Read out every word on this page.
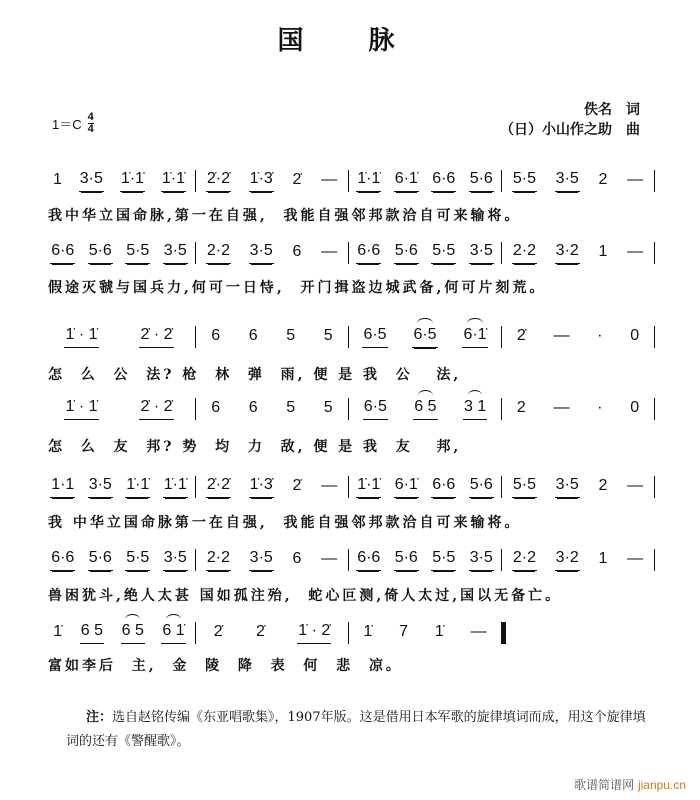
国 脉
$1=C \frac{4}{4}$
佚名　词
（日）小山作之助　曲
1 3·5 1̇·1̇ 1̇·1̇ 2̇·2̇ 1̇·3̇ 2̇ — 1̇·1̇ 6·1̇ 6·6 5·6 5·5 3·5 2 —
我中华立国命脉,第一在自强,  我能自强邻邦款洽自可来输将。
6·6 5·6 5·5 3·5 2·2 3·5 6 — 6·6 5·6 5·5 3·5 2·2 3·2 1 —
假途灭虢与国兵力,何可一日恃,  开门揖盗边城武备,何可片刻荒。
1̇ · 1̇	2̇ · 2̇ 6 6 5 5 6·5 6·5 6·1̇ 2̇ — · 0
怎  么  公  法? 枪  林  弹  雨, 便 是 我  公   法,
1̇ · 1̇	2̇ · 2̇ 6 6 5 5 6·5 6 5 3 1 2 — · 0
怎  么  友  邦? 势  均  力  敌, 便 是 我  友   邦,
1·1 3·5 1̇·1̇ 1̇·1̇ 2̇·2̇ 1̇·3̇ 2̇ — 1̇·1̇ 6·1̇ 6·6 5·6 5·5 3·5 2 —
我 中华立国命脉第一在自强,  我能自强邻邦款洽自可来输将。
6·6 5·6 5·5 3·5 2·2 3·5 6 — 6·6 5·6 5·5 3·5 2·2 3·2 1 —
兽困犹斗,绝人太甚 国如孤注殆,  蛇心叵测,倚人太过,国以无备亡。
1̇ 6 5 6 5 6 1̇ 2̇ 2̇ 1̇ · 2̇ 1̇ 7 1̇ —
富如李后  主,  金  陵  降  表  何  悲  凉。
注：选自赵铭传编《东亚唱歌集》，1907年版。这是借用日本军歌的旋律填词而成，用这个旋律填词的还有《警醒歌》。
歌谱简谱网 jianpu.cn
